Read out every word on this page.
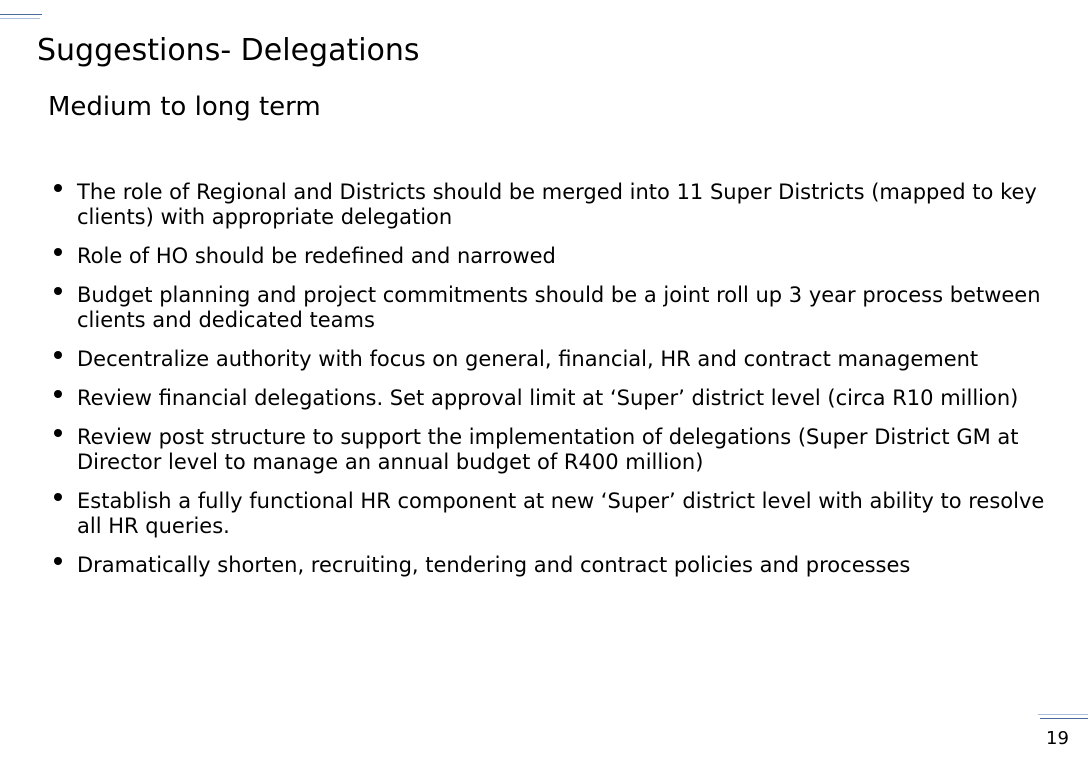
Suggestions- Delegations
Medium to long term
The role of Regional and Districts should be merged into 11 Super Districts (mapped to key clients) with appropriate delegation
Role of HO should be redefined and narrowed
Budget planning and project commitments should be a joint roll up 3 year process between clients and dedicated teams
Decentralize authority with focus on general, financial, HR and contract management
Review financial delegations. Set approval limit at ‘Super’ district level (circa R10 million)
Review post structure to support the implementation of delegations (Super District GM at Director level to manage an annual budget of R400 million)
Establish a fully functional HR component at new ‘Super’ district level with ability to resolve all HR queries.
Dramatically shorten, recruiting, tendering and contract policies and processes
19
